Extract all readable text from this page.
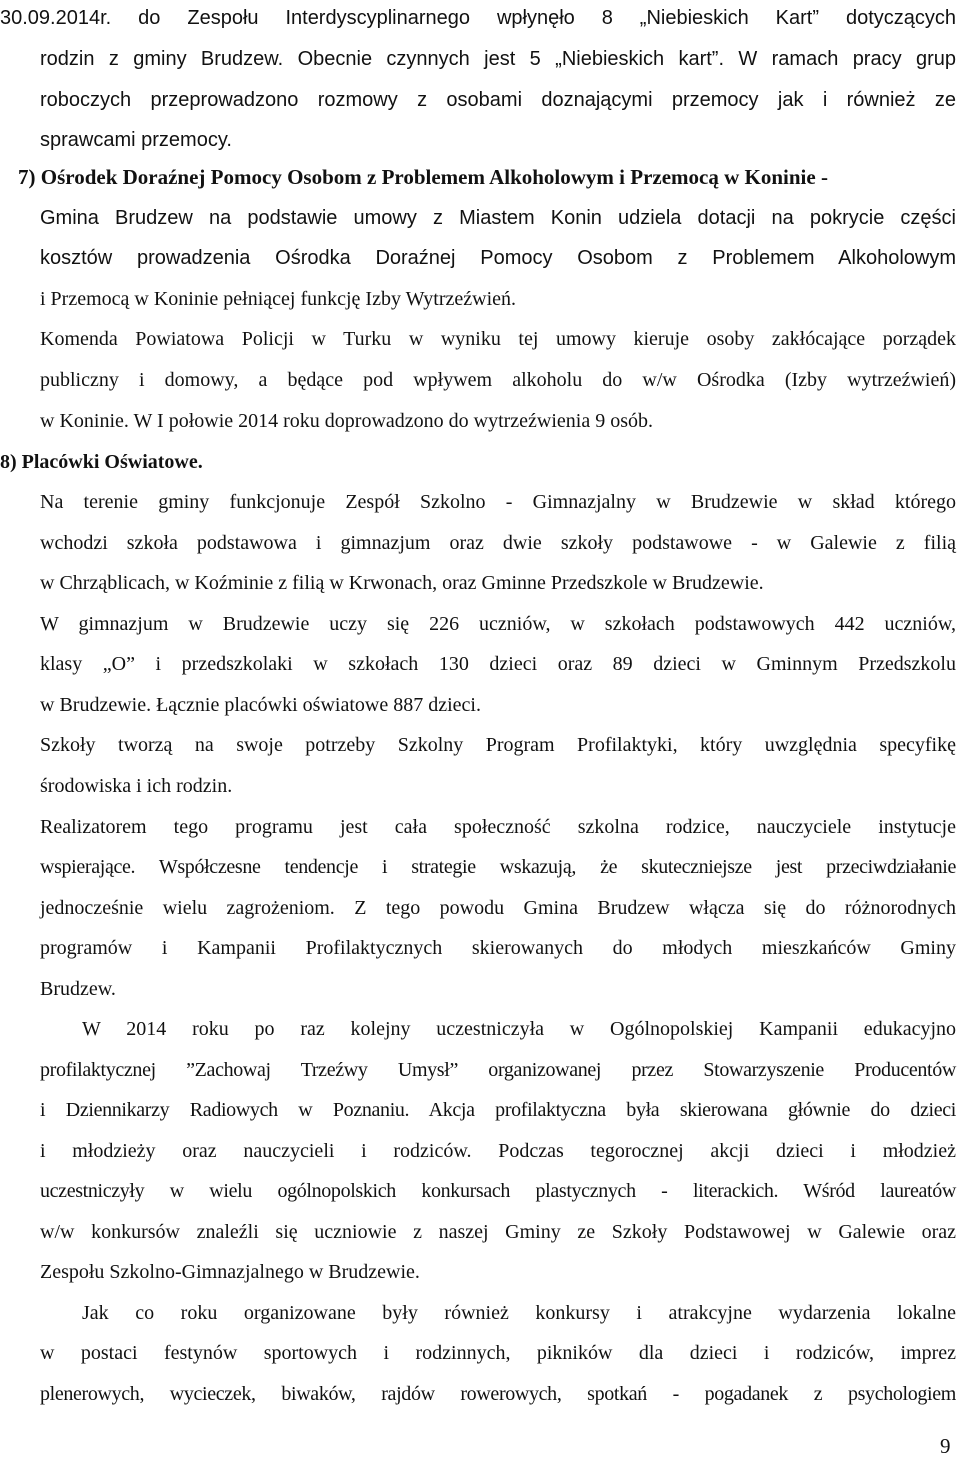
30.09.2014r. do Zespołu Interdyscyplinarnego wpłynęło 8 „Niebieskich Kart” dotyczących
rodzin z gminy Brudzew. Obecnie czynnych jest 5 „Niebieskich kart”. W ramach pracy grup
roboczych przeprowadzono rozmowy z osobami doznającymi przemocy jak i również ze
sprawcami przemocy.
7) Ośrodek Doraźnej Pomocy Osobom z Problemem Alkoholowym i Przemocą w Koninie -
Gmina Brudzew na podstawie umowy z Miastem Konin udziela dotacji na pokrycie części
kosztów prowadzenia Ośrodka Doraźnej Pomocy Osobom z Problemem Alkoholowym
i Przemocą w Koninie pełniącej funkcję Izby Wytrzeźwień.
Komenda Powiatowa Policji w Turku w wyniku tej umowy kieruje osoby zakłócające porządek
publiczny i domowy, a będące pod wpływem alkoholu do w/w Ośrodka (Izby wytrzeźwień)
w Koninie. W I połowie 2014 roku doprowadzono do wytrzeźwienia 9 osób.
8) Placówki Oświatowe.
Na terenie gminy funkcjonuje Zespół Szkolno - Gimnazjalny w Brudzewie w skład którego
wchodzi szkoła podstawowa i gimnazjum oraz dwie szkoły podstawowe - w Galewie z filią
w Chrząblicach, w Koźminie z filią w Krwonach, oraz Gminne Przedszkole w Brudzewie.
W gimnazjum w Brudzewie uczy się 226 uczniów, w szkołach podstawowych 442 uczniów,
klasy „O” i przedszkolaki w szkołach 130 dzieci oraz 89 dzieci w Gminnym Przedszkolu
w Brudzewie. Łącznie placówki oświatowe 887 dzieci.
Szkoły tworzą na swoje potrzeby Szkolny Program Profilaktyki, który uwzględnia specyfikę
środowiska i ich rodzin.
Realizatorem tego programu jest cała społeczność szkolna rodzice, nauczyciele instytucje
wspierające. Współczesne tendencje i strategie wskazują, że skuteczniejsze jest przeciwdziałanie
jednocześnie wielu zagrożeniom. Z tego powodu Gmina Brudzew włącza się do różnorodnych
programów i Kampanii Profilaktycznych skierowanych do młodych mieszkańców Gminy
Brudzew.
W 2014 roku po raz kolejny uczestniczyła w Ogólnopolskiej Kampanii edukacyjno
profilaktycznej ”Zachowaj Trzeźwy Umysł” organizowanej przez Stowarzyszenie Producentów
i Dziennikarzy Radiowych w Poznaniu. Akcja profilaktyczna była skierowana głównie do dzieci
i młodzieży oraz nauczycieli i rodziców. Podczas tegorocznej akcji dzieci i młodzież
uczestniczyły w wielu ogólnopolskich konkursach plastycznych - literackich. Wśród laureatów
w/w konkursów znaleźli się uczniowie z naszej Gminy ze Szkoły Podstawowej w Galewie oraz
Zespołu Szkolno-Gimnazjalnego w Brudzewie.
Jak co roku organizowane były również konkursy i atrakcyjne wydarzenia lokalne
w postaci festynów sportowych i rodzinnych, pikników dla dzieci i rodziców, imprez
plenerowych, wycieczek, biwaków, rajdów rowerowych, spotkań - pogadanek z psychologiem
9
